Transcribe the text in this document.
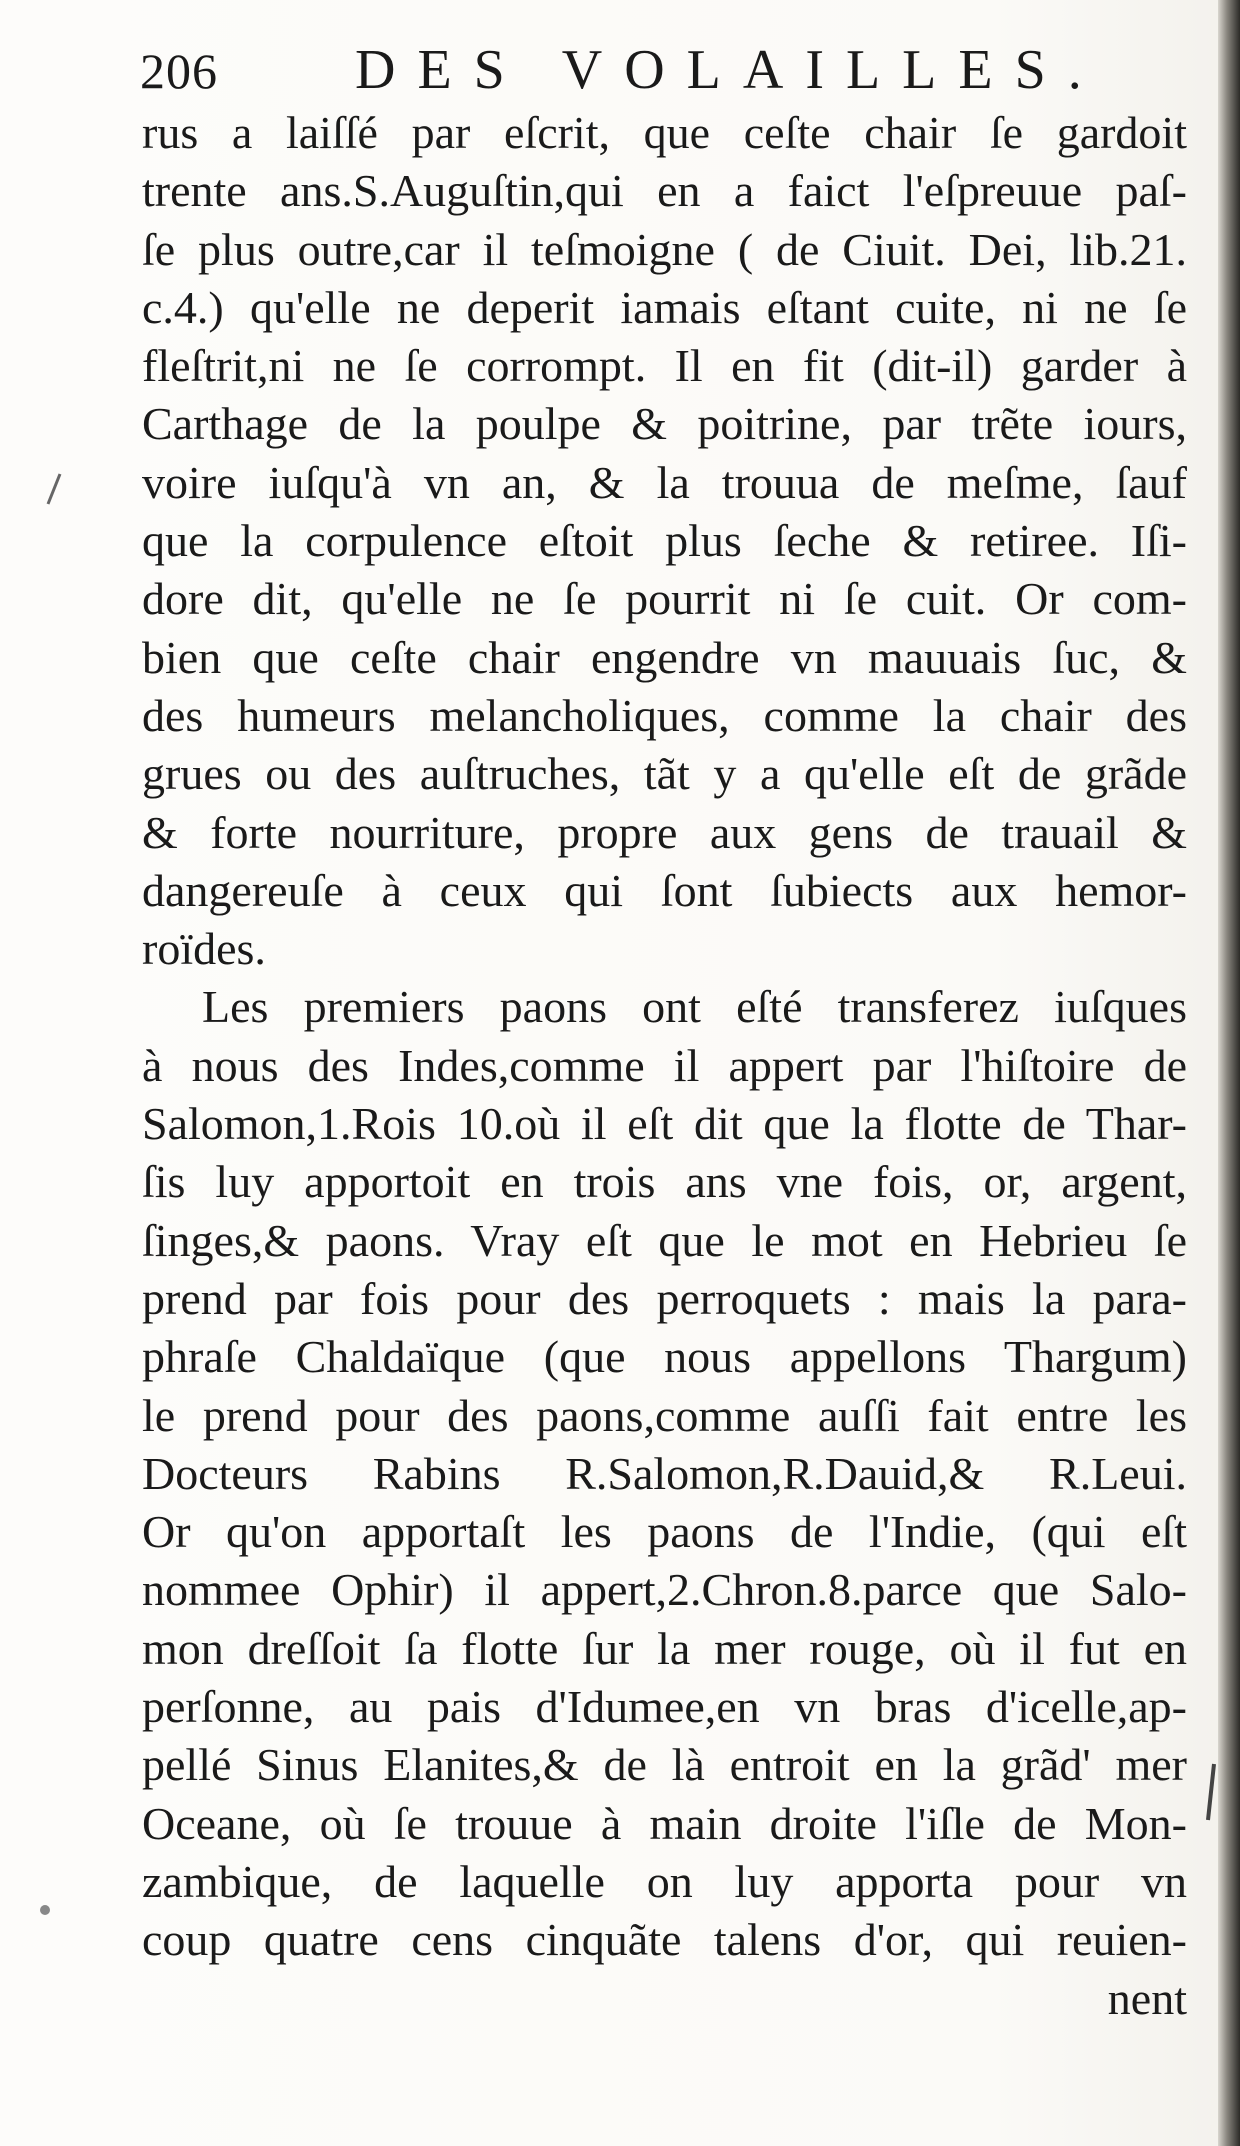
206 DES VOLAILLES.
rus a laiſſé par eſcrit, que ceſte chair ſe gardoit
trente ans.S.Auguſtin,qui en a faict l'eſpreuue paſ-
ſe plus outre,car il teſmoigne ( de Ciuit. Dei, lib.21.
c.4.) qu'elle ne deperit iamais eſtant cuite, ni ne ſe
fleſtrit,ni ne ſe corrompt. Il en fit (dit-il) garder à
Carthage de la poulpe & poitrine, par trẽte iours,
voire iuſqu'à vn an, & la trouua de meſme, ſauf
que la corpulence eſtoit plus ſeche & retiree. Iſi-
dore dit, qu'elle ne ſe pourrit ni ſe cuit. Or com-
bien que ceſte chair engendre vn mauuais ſuc, &
des humeurs melancholiques, comme la chair des
grues ou des auſtruches, tãt y a qu'elle eſt de grãde
& forte nourriture, propre aux gens de trauail &
dangereuſe à ceux qui ſont ſubiects aux hemor-
roïdes.
Les premiers paons ont eſté transferez iuſques
à nous des Indes,comme il appert par l'hiſtoire de
Salomon,1.Rois 10.où il eſt dit que la flotte de Thar-
ſis luy apportoit en trois ans vne fois, or, argent,
ſinges,& paons. Vray eſt que le mot en Hebrieu ſe
prend par fois pour des perroquets : mais la para-
phraſe Chaldaïque (que nous appellons Thargum)
le prend pour des paons,comme auſſi fait entre les
Docteurs Rabins R.Salomon,R.Dauid,& R.Leui.
Or qu'on apportaſt les paons de l'Indie, (qui eſt
nommee Ophir) il appert,2.Chron.8.parce que Salo-
mon dreſſoit ſa flotte ſur la mer rouge, où il fut en
perſonne, au pais d'Idumee,en vn bras d'icelle,ap-
pellé Sinus Elanites,& de là entroit en la grãd' mer
Oceane, où ſe trouue à main droite l'iſle de Mon-
zambique, de laquelle on luy apporta pour vn
coup quatre cens cinquãte talens d'or, qui reuien-
nent
